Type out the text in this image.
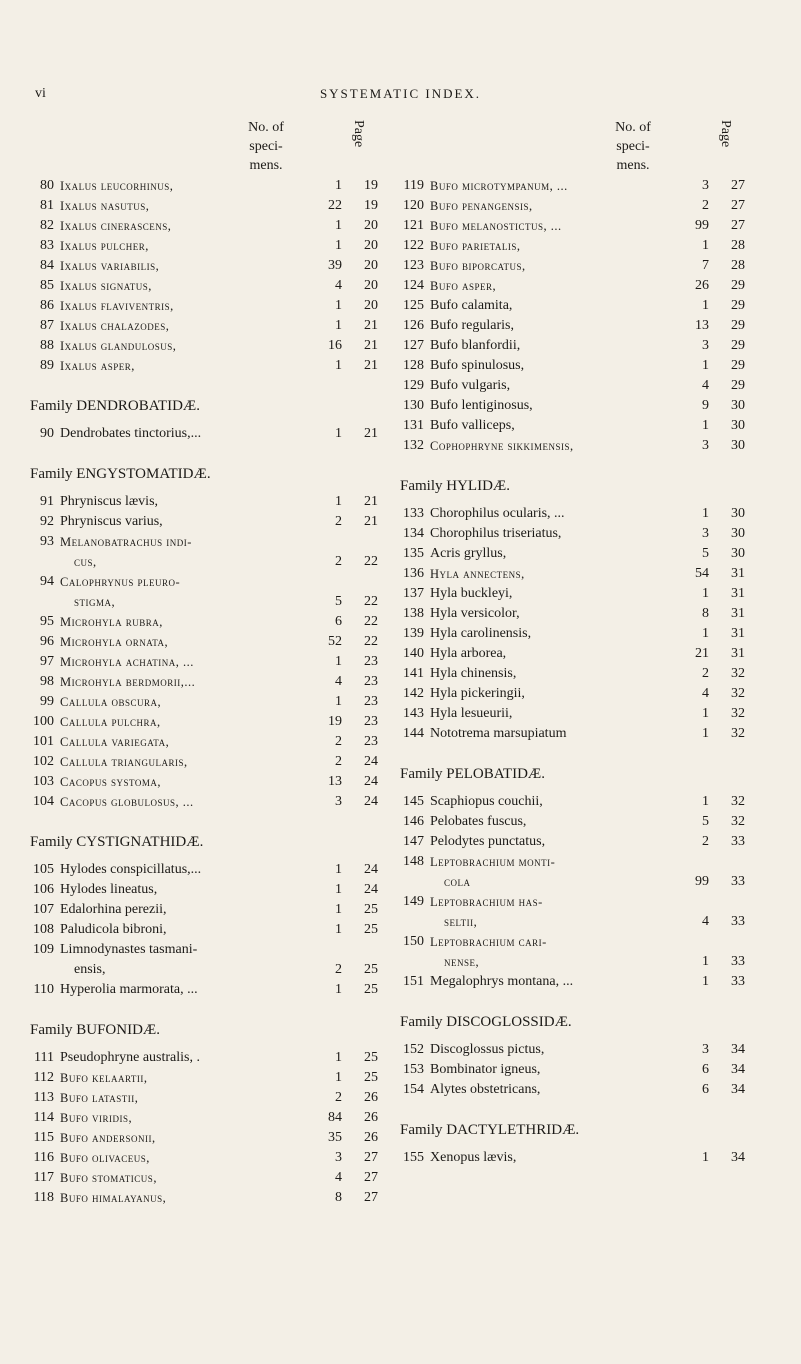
vi	SYSTEMATIC INDEX.
No. of
speci-
mens.
Page
80 Ixalus leucorhinus,	1	19
81 Ixalus nasutus,	22	19
82 Ixalus cinerascens,	1	20
83 Ixalus pulcher,	1	20
84 Ixalus variabilis,	39	20
85 Ixalus signatus,	4	20
86 Ixalus flaviventris,	1	20
87 Ixalus chalazodes,	1	21
88 Ixalus glandulosus,	16	21
89 Ixalus asper,	1	21
Family DENDROBATIDÆ.
90 Dendrobates tinctorius,...	1	21
Family ENGYSTOMATIDÆ.
91 Phryniscus lævis,	1	21
92 Phryniscus varius,	2	21
93 Melanobatrachus indi-
cus,	2	22
94 Calophrynus pleuro-
stigma,	5	22
95 Microhyla rubra,	6	22
96 Microhyla ornata,	52	22
97 Microhyla achatina, ...	1	23
98 Microhyla berdmorii,...	4	23
99 Callula obscura,	1	23
100 Callula pulchra,	19	23
101 Callula variegata,	2	23
102 Callula triangularis,	2	24
103 Cacopus systoma,	13	24
104 Cacopus globulosus, ...	3	24
Family CYSTIGNATHIDÆ.
105 Hylodes conspicillatus,...	1	24
106 Hylodes lineatus,	1	24
107 Edalorhina perezii,	1	25
108 Paludicola bibroni,	1	25
109 Limnodynastes tasmani-
ensis,	2	25
110 Hyperolia marmorata, ...	1	25
Family BUFONIDÆ.
111 Pseudophryne australis, .	1	25
112 Bufo kelaartii,	1	25
113 Bufo latastii,	2	26
114 Bufo viridis,	84	26
115 Bufo andersonii,	35	26
116 Bufo olivaceus,	3	27
117 Bufo stomaticus,	4	27
118 Bufo himalayanus,	8	27
No. of
speci-
mens.
Page
119 Bufo microtympanum, ...	3	27
120 Bufo penangensis,	2	27
121 Bufo melanostictus, ...	99	27
122 Bufo parietalis,	1	28
123 Bufo biporcatus,	7	28
124 Bufo asper,	26	29
125 Bufo calamita,	1	29
126 Bufo regularis,	13	29
127 Bufo blanfordii,	3	29
128 Bufo spinulosus,	1	29
129 Bufo vulgaris,	4	29
130 Bufo lentiginosus,	9	30
131 Bufo valliceps,	1	30
132 Cophophryne sikkimensis,	3	30
Family HYLIDÆ.
133 Chorophilus ocularis, ...	1	30
134 Chorophilus triseriatus,	3	30
135 Acris gryllus,	5	30
136 Hyla annectens,	54	31
137 Hyla buckleyi,	1	31
138 Hyla versicolor,	8	31
139 Hyla carolinensis,	1	31
140 Hyla arborea,	21	31
141 Hyla chinensis,	2	32
142 Hyla pickeringii,	4	32
143 Hyla lesueurii,	1	32
144 Nototrema marsupiatum	1	32
Family PELOBATIDÆ.
145 Scaphiopus couchii,	1	32
146 Pelobates fuscus,	5	32
147 Pelodytes punctatus,	2	33
148 Leptobrachium monti-
cola	99	33
149 Leptobrachium has-
seltii,	4	33
150 Leptobrachium cari-
nense,	1	33
151 Megalophrys montana, ...	1	33
Family DISCOGLOSSIDÆ.
152 Discoglossus pictus,	3	34
153 Bombinator igneus,	6	34
154 Alytes obstetricans,	6	34
Family DACTYLETHRIDÆ.
155 Xenopus lævis,	1	34
